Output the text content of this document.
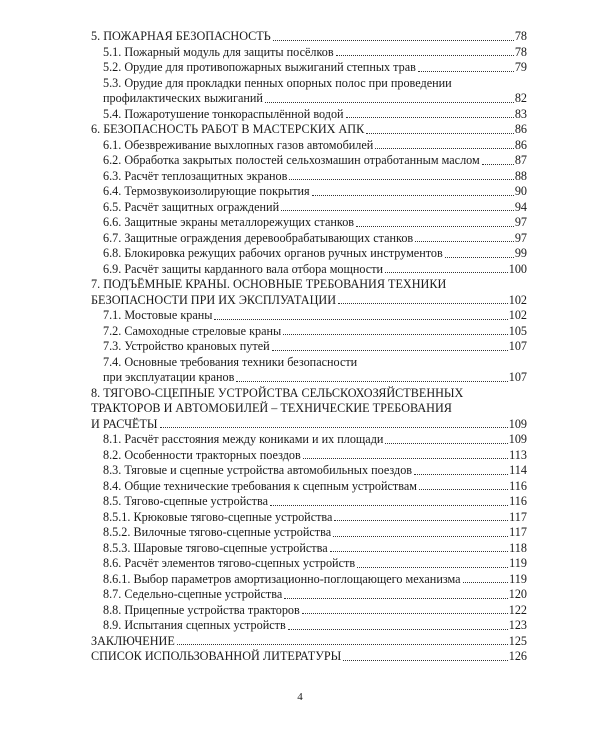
5. ПОЖАРНАЯ БЕЗОПАСНОСТЬ	78
5.1. Пожарный модуль для защиты посёлков	78
5.2. Орудие для противопожарных выжиганий степных трав	79
5.3. Орудие для прокладки пенных опорных полос при проведении
профилактических выжиганий	82
5.4. Пожаротушение тонкораспылённой водой	83
6. БЕЗОПАСНОСТЬ РАБОТ В МАСТЕРСКИХ АПК	86
6.1. Обезвреживание выхлопных газов автомобилей	86
6.2. Обработка закрытых полостей сельхозмашин отработанным маслом	87
6.3. Расчёт теплозащитных экранов	88
6.4. Термозвукоизолирующие покрытия	90
6.5. Расчёт защитных ограждений	94
6.6. Защитные экраны металлорежущих станков	97
6.7. Защитные ограждения деревообрабатывающих станков	97
6.8. Блокировка режущих рабочих органов ручных инструментов	99
6.9. Расчёт защиты карданного вала отбора мощности	100
7. ПОДЪЁМНЫЕ КРАНЫ. ОСНОВНЫЕ ТРЕБОВАНИЯ ТЕХНИКИ
БЕЗОПАСНОСТИ ПРИ ИХ ЭКСПЛУАТАЦИИ	102
7.1. Мостовые краны	102
7.2. Самоходные стреловые краны	105
7.3. Устройство крановых путей	107
7.4. Основные требования техники безопасности
при эксплуатации кранов	107
8. ТЯГОВО-СЦЕПНЫЕ УСТРОЙСТВА СЕЛЬСКОХОЗЯЙСТВЕННЫХ
ТРАКТОРОВ И АВТОМОБИЛЕЙ – ТЕХНИЧЕСКИЕ ТРЕБОВАНИЯ
И РАСЧЁТЫ	109
8.1. Расчёт расстояния между кониками и их площади	109
8.2. Особенности тракторных поездов	113
8.3. Тяговые и сцепные устройства автомобильных поездов	114
8.4. Общие технические требования к сцепным устройствам	116
8.5. Тягово-сцепные устройства	116
8.5.1. Крюковые тягово-сцепные устройства	117
8.5.2. Вилочные тягово-сцепные устройства	117
8.5.3. Шаровые тягово-сцепные устройства	118
8.6. Расчёт элементов тягово-сцепных устройств	119
8.6.1. Выбор параметров амортизационно-поглощающего механизма	119
8.7. Седельно-сцепные устройства	120
8.8. Прицепные устройства тракторов	122
8.9. Испытания сцепных устройств	123
ЗАКЛЮЧЕНИЕ	125
СПИСОК ИСПОЛЬЗОВАННОЙ ЛИТЕРАТУРЫ	126
4
